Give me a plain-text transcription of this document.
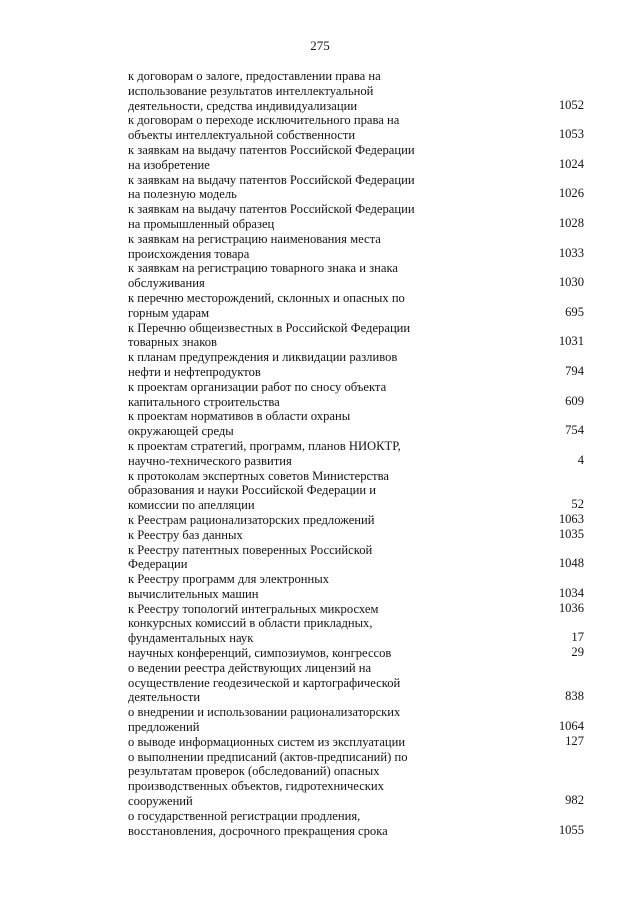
275
к договорам о залоге, предоставлении права на
использование результатов интеллектуальной
деятельности, средства индивидуализации	1052
к договорам о переходе исключительного права на
объекты интеллектуальной собственности	1053
к заявкам на выдачу патентов Российской Федерации
на изобретение	1024
к заявкам на выдачу патентов Российской Федерации
на полезную модель	1026
к заявкам на выдачу патентов Российской Федерации
на промышленный образец	1028
к заявкам на регистрацию наименования места
происхождения товара	1033
к заявкам на регистрацию товарного знака и знака
обслуживания	1030
к перечню месторождений, склонных и опасных по
горным ударам	695
к Перечню общеизвестных в Российской Федерации
товарных знаков	1031
к планам предупреждения и ликвидации разливов
нефти и нефтепродуктов	794
к проектам организации работ по сносу объекта
капитального строительства	609
к проектам нормативов в области охраны
окружающей среды	754
к проектам стратегий, программ, планов НИОКТР,
научно-технического развития	4
к протоколам экспертных советов Министерства
образования и науки Российской Федерации и
комиссии по апелляции	52
к Реестрам рационализаторских предложений	1063
к Реестру баз данных	1035
к Реестру патентных поверенных Российской
Федерации	1048
к Реестру программ для электронных
вычислительных машин	1034
к Реестру топологий интегральных микросхем	1036
конкурсных комиссий в области прикладных,
фундаментальных наук	17
научных конференций, симпозиумов, конгрессов	29
о ведении реестра действующих лицензий на
осуществление геодезической и картографической
деятельности	838
о внедрении и использовании рационализаторских
предложений	1064
о выводе информационных систем из эксплуатации	127
о выполнении предписаний (актов-предписаний) по
результатам проверок (обследований) опасных
производственных объектов, гидротехнических
сооружений	982
о государственной регистрации продления,
восстановления, досрочного прекращения срока	1055
